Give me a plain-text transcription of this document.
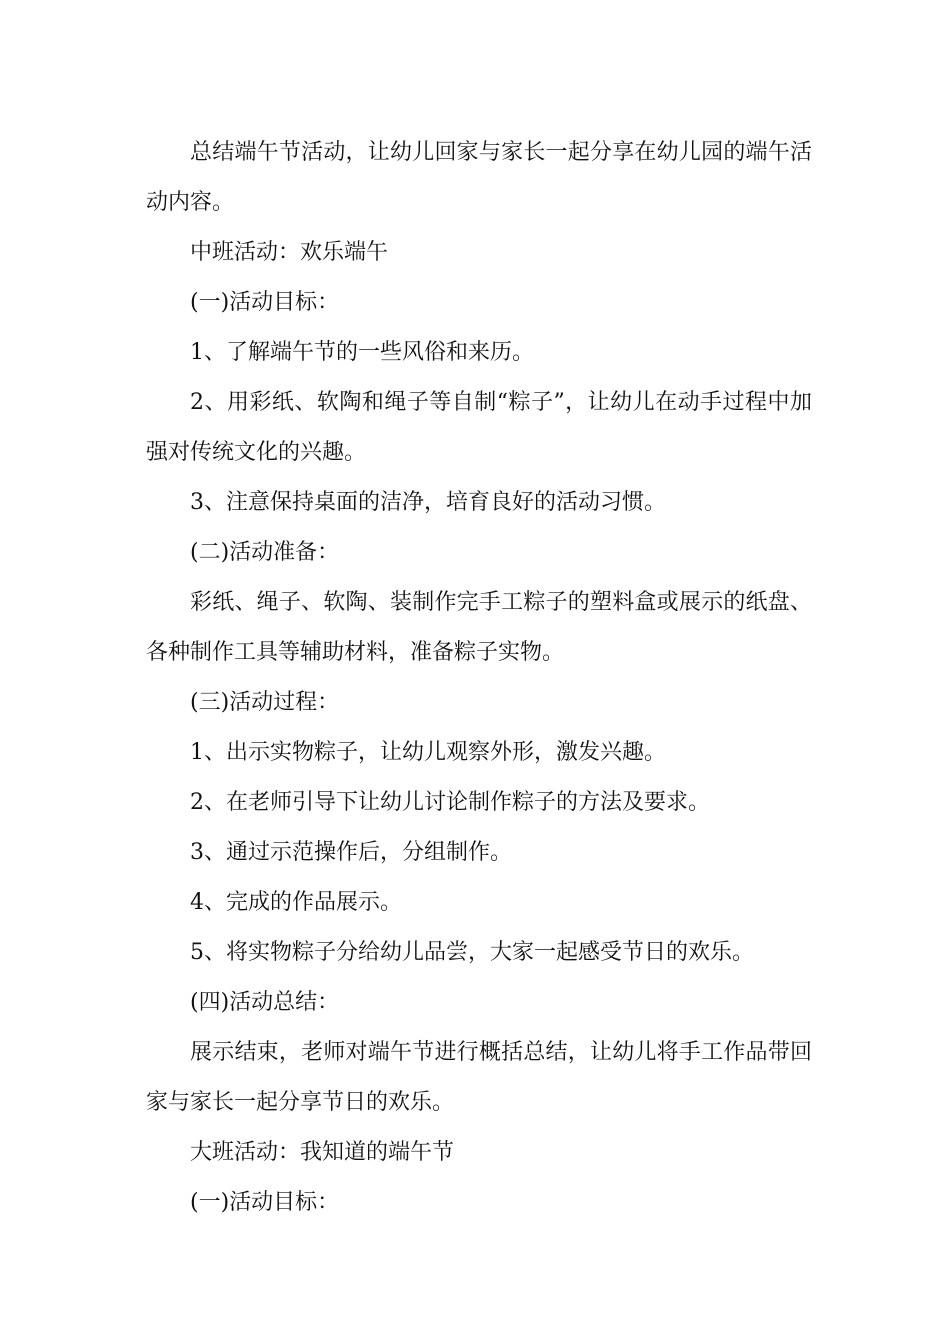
总结端午节活动，让幼儿回家与家长一起分享在幼儿园的端午活动内容。

中班活动：欢乐端午

(一)活动目标：

1、了解端午节的一些风俗和来历。

2、用彩纸、软陶和绳子等自制“粽子”，让幼儿在动手过程中加强对传统文化的兴趣。

3、注意保持桌面的洁净，培育良好的活动习惯。

(二)活动准备：

彩纸、绳子、软陶、装制作完手工粽子的塑料盒或展示的纸盘、各种制作工具等辅助材料，准备粽子实物。

(三)活动过程：

1、出示实物粽子，让幼儿观察外形，激发兴趣。

2、在老师引导下让幼儿讨论制作粽子的方法及要求。

3、通过示范操作后，分组制作。

4、完成的作品展示。

5、将实物粽子分给幼儿品尝，大家一起感受节日的欢乐。

(四)活动总结：

展示结束，老师对端午节进行概括总结，让幼儿将手工作品带回家与家长一起分享节日的欢乐。

大班活动：我知道的端午节

(一)活动目标：
